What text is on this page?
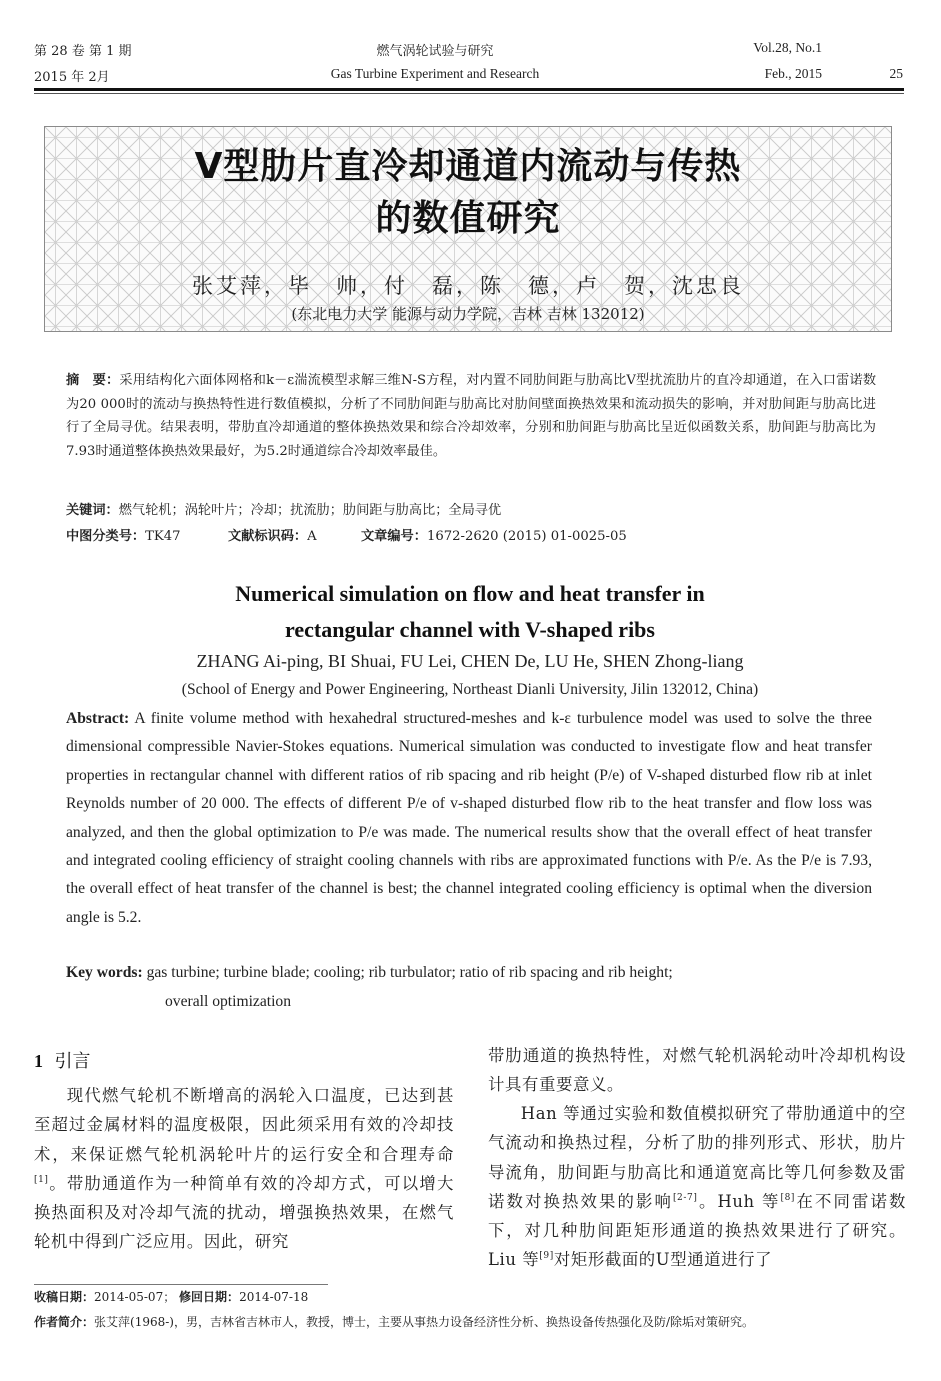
第 28 卷 第 1 期
2015 年 2月
燃气涡轮试验与研究
Gas Turbine Experiment and Research
Vol.28, No.1
Feb., 2015	25
V型肋片直冷却通道内流动与传热
的数值研究
张艾萍，毕　帅，付　磊，陈　德，卢　贺，沈忠良
(东北电力大学 能源与动力学院，吉林 吉林 132012)
摘　要：采用结构化六面体网格和k－ε湍流模型求解三维N-S方程，对内置不同肋间距与肋高比V型扰流肋片的直冷却通道，在入口雷诺数为20 000时的流动与换热特性进行数值模拟，分析了不同肋间距与肋高比对肋间壁面换热效果和流动损失的影响，并对肋间距与肋高比进行了全局寻优。结果表明，带肋直冷却通道的整体换热效果和综合冷却效率，分别和肋间距与肋高比呈近似函数关系，肋间距与肋高比为7.93时通道整体换热效果最好，为5.2时通道综合冷却效率最佳。
关键词：燃气轮机；涡轮叶片；冷却；扰流肋；肋间距与肋高比；全局寻优
中图分类号：TK47	文献标识码：A	文章编号：1672-2620 (2015) 01-0025-05
Numerical simulation on flow and heat transfer in
rectangular channel with V-shaped ribs
ZHANG Ai-ping, BI Shuai, FU Lei, CHEN De, LU He, SHEN Zhong-liang
(School of Energy and Power Engineering, Northeast Dianli University, Jilin 132012, China)
Abstract: A finite volume method with hexahedral structured-meshes and k-ε turbulence model was used to solve the three dimensional compressible Navier-Stokes equations. Numerical simulation was conducted to investigate flow and heat transfer properties in rectangular channel with different ratios of rib spacing and rib height (P/e) of V-shaped disturbed flow rib at inlet Reynolds number of 20 000. The effects of different P/e of v-shaped disturbed flow rib to the heat transfer and flow loss was analyzed, and then the global optimization to P/e was made. The numerical results show that the overall effect of heat transfer and integrated cooling efficiency of straight cooling channels with ribs are approximated functions with P/e. As the P/e is 7.93, the overall effect of heat transfer of the channel is best; the channel integrated cooling efficiency is optimal when the diversion angle is 5.2.
Key words: gas turbine; turbine blade; cooling; rib turbulator; ratio of rib spacing and rib height;
overall optimization
1 引言
现代燃气轮机不断增高的涡轮入口温度，已达到甚至超过金属材料的温度极限，因此须采用有效的冷却技术，来保证燃气轮机涡轮叶片的运行安全和合理寿命[1]。带肋通道作为一种简单有效的冷却方式，可以增大换热面积及对冷却气流的扰动，增强换热效果，在燃气轮机中得到广泛应用。因此，研究
带肋通道的换热特性，对燃气轮机涡轮动叶冷却机构设计具有重要意义。
Han 等通过实验和数值模拟研究了带肋通道中的空气流动和换热过程，分析了肋的排列形式、形状，肋片导流角，肋间距与肋高比和通道宽高比等几何参数及雷诺数对换热效果的影响[2-7]。Huh 等[8]在不同雷诺数下，对几种肋间距矩形通道的换热效果进行了研究。Liu 等[9]对矩形截面的U型通道进行了
收稿日期：2014-05-07； 修回日期：2014-07-18
作者简介：张艾萍(1968-)，男，吉林省吉林市人，教授，博士，主要从事热力设备经济性分析、换热设备传热强化及防/除垢对策研究。
